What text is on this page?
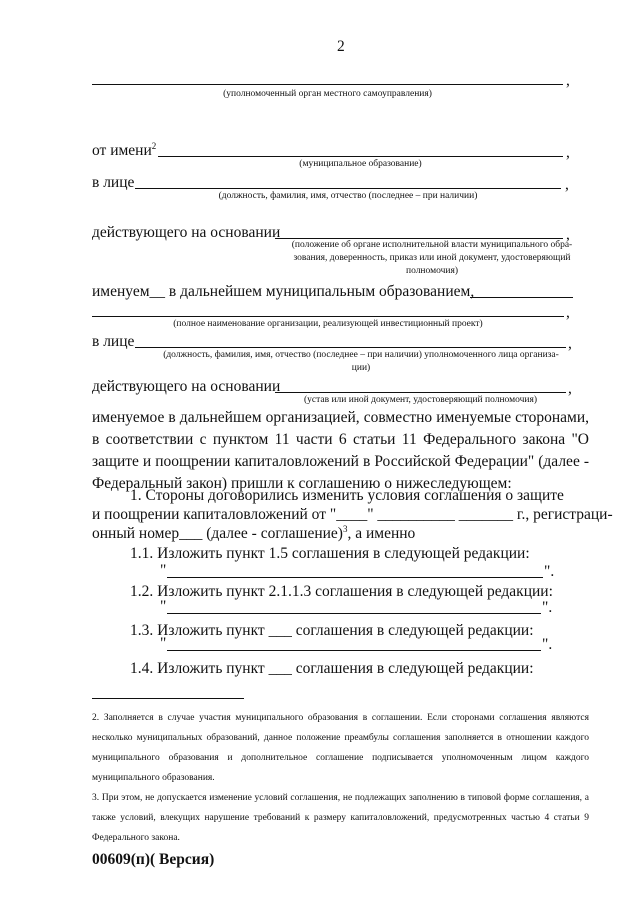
2
,
(уполномоченный орган местного самоуправления)
от имени$^2$	,
(муниципальное образование)
в лице	,
(должность, фамилия, имя, отчество (последнее – при наличии)
действующего на основании	,
(положение об органе исполнительной власти муниципального обра-
зования, доверенность, приказ или иной документ, удостоверяющий
полномочия)
именуем__ в дальнейшем муниципальным образованием,
,
(полное наименование организации, реализующей инвестиционный проект)
в лице	,
(должность, фамилия, имя, отчество (последнее – при наличии) уполномоченного лица организа-
ции)
действующего на основании	,
(устав или иной документ, удостоверяющий полномочия)
именуемое в дальнейшем организацией, совместно именуемые сторонами, в соответствии с пунктом 11 части 6 статьи 11 Федерального закона "О защите и поощрении капиталовложений в Российской Федерации" (далее - Федеральный закон) пришли к соглашению о нижеследующем:
1. Стороны договорились изменить условия соглашения о защите
и поощрении капиталовложений от "____" __________ _______ г., регистраци-
онный номер___ (далее - соглашение)$^3$, а именно
1.1. Изложить пункт 1.5 соглашения в следующей редакции:
"	".
1.2. Изложить пункт 2.1.1.3 соглашения в следующей редакции:
"	".
1.3. Изложить пункт ___ соглашения в следующей редакции:
"	".
1.4. Изложить пункт ___ соглашения в следующей редакции:
2. Заполняется в случае участия муниципального образования в соглашении. Если сторонами соглашения являются несколько муниципальных образований, данное положение преамбулы соглашения заполняется в отношении каждого муниципального образования и дополнительное соглашение подписывается уполномоченным лицом каждого муниципального образования.
3. При этом, не допускается изменение условий соглашения, не подлежащих заполнению в типовой форме соглашения, а также условий, влекущих нарушение требований к размеру капиталовложений, предусмотренных частью 4 статьи 9 Федерального закона.
00609(п)( Версия)
